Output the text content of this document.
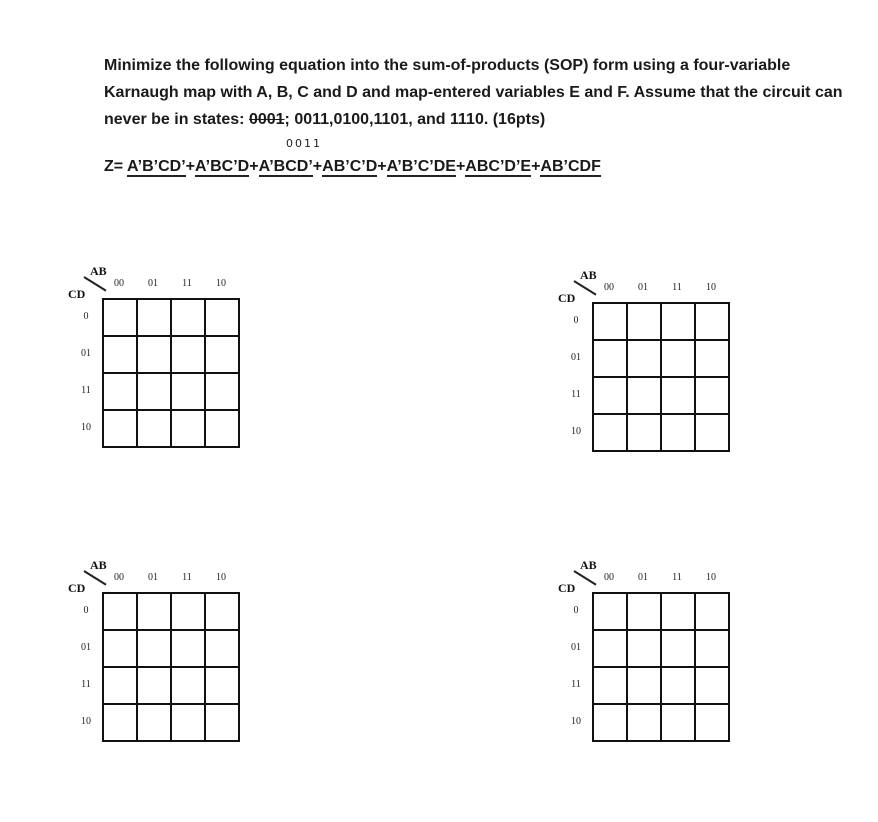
Minimize the following equation into the sum-of-products (SOP) form using a four-variable Karnaugh map with A, B, C and D and map-entered variables E and F. Assume that the circuit can never be in states: 0001; 0011,0100,1101, and 1110. (16pts)
0011
Z= A’B’CD’+A’BC’D+A’BCD’+AB’C’D+A’B’C’DE+ABC’D’E+AB’CDF
AB
CD
00
0
01
01
11
11
10
10
AB
CD
00
0
01
01
11
11
10
10
AB
CD
00
0
01
01
11
11
10
10
AB
CD
00
0
01
01
11
11
10
10
